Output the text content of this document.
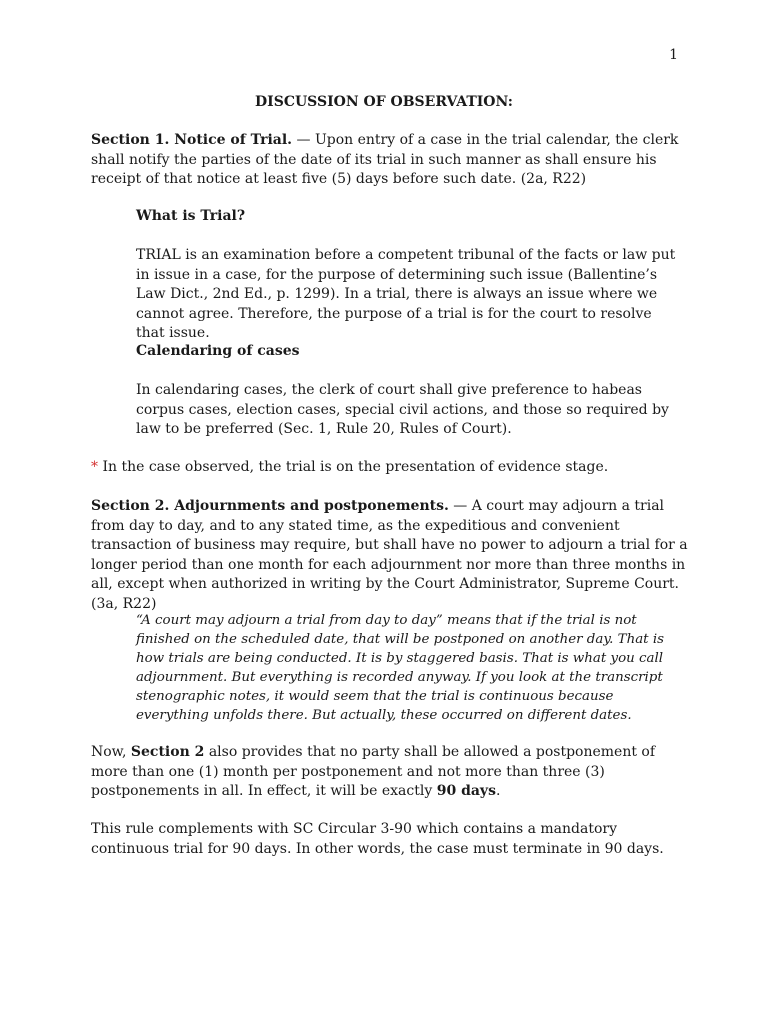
1
DISCUSSION OF OBSERVATION:
Section 1. Notice of Trial. — Upon entry of a case in the trial calendar, the clerk shall notify the parties of the date of its trial in such manner as shall ensure his receipt of that notice at least five (5) days before such date. (2a, R22)
What is Trial?
TRIAL is an examination before a competent tribunal of the facts or law put in issue in a case, for the purpose of determining such issue (Ballentine’s Law Dict., 2nd Ed., p. 1299). In a trial, there is always an issue where we cannot agree. Therefore, the purpose of a trial is for the court to resolve that issue.
Calendaring of cases
In calendaring cases, the clerk of court shall give preference to habeas corpus cases, election cases, special civil actions, and those so required by law to be preferred (Sec. 1, Rule 20, Rules of Court).
* In the case observed, the trial is on the presentation of evidence stage.
Section 2. Adjournments and postponements. — A court may adjourn a trial from day to day, and to any stated time, as the expeditious and convenient transaction of business may require, but shall have no power to adjourn a trial for a longer period than one month for each adjournment nor more than three months in all, except when authorized in writing by the Court Administrator, Supreme Court. (3a, R22)
“A court may adjourn a trial from day to day” means that if the trial is not finished on the scheduled date, that will be postponed on another day. That is how trials are being conducted. It is by staggered basis. That is what you call adjournment. But everything is recorded anyway. If you look at the transcript stenographic notes, it would seem that the trial is continuous because everything unfolds there. But actually, these occurred on different dates.
Now, Section 2 also provides that no party shall be allowed a postponement of more than one (1) month per postponement and not more than three (3) postponements in all. In effect, it will be exactly 90 days.
This rule complements with SC Circular 3-90 which contains a mandatory continuous trial for 90 days. In other words, the case must terminate in 90 days.
